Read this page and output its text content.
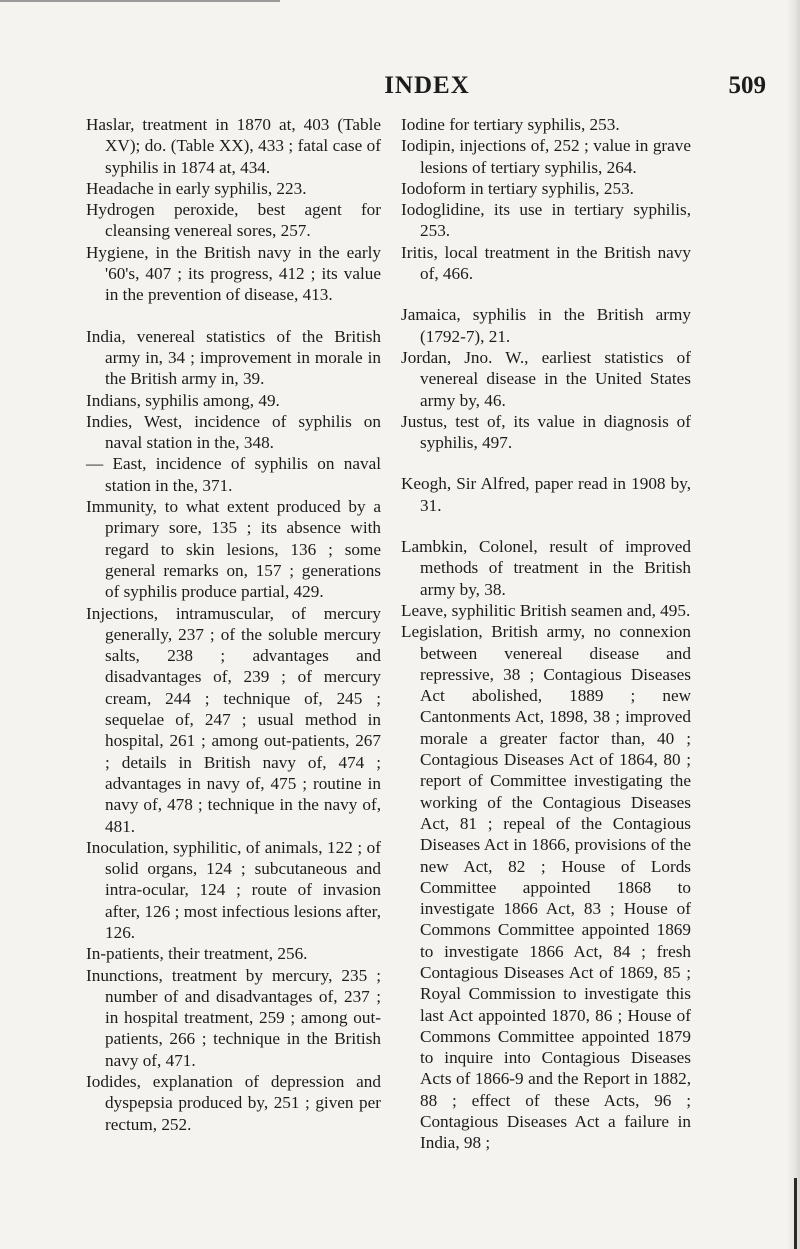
INDEX	509

Haslar, treatment in 1870 at, 403 (Table XV); do. (Table XX), 433 ; fatal case of syphilis in 1874 at, 434.

Headache in early syphilis, 223.

Hydrogen peroxide, best agent for cleansing venereal sores, 257.

Hygiene, in the British navy in the early '60's, 407 ; its progress, 412 ; its value in the prevention of disease, 413.

India, venereal statistics of the British army in, 34 ; improvement in morale in the British army in, 39.

Indians, syphilis among, 49.

Indies, West, incidence of syphilis on naval station in the, 348.

— East, incidence of syphilis on naval station in the, 371.

Immunity, to what extent produced by a primary sore, 135 ; its absence with regard to skin lesions, 136 ; some general remarks on, 157 ; generations of syphilis produce partial, 429.

Injections, intramuscular, of mercury generally, 237 ; of the soluble mercury salts, 238 ; advantages and disadvantages of, 239 ; of mercury cream, 244 ; technique of, 245 ; sequelae of, 247 ; usual method in hospital, 261 ; among out-patients, 267 ; details in British navy of, 474 ; advantages in navy of, 475 ; routine in navy of, 478 ; technique in the navy of, 481.

Inoculation, syphilitic, of animals, 122 ; of solid organs, 124 ; subcutaneous and intra-ocular, 124 ; route of invasion after, 126 ; most infectious lesions after, 126.

In-patients, their treatment, 256.

Inunctions, treatment by mercury, 235 ; number of and disadvantages of, 237 ; in hospital treatment, 259 ; among out-patients, 266 ; technique in the British navy of, 471.

Iodides, explanation of depression and dyspepsia produced by, 251 ; given per rectum, 252.

Iodine for tertiary syphilis, 253.

Iodipin, injections of, 252 ; value in grave lesions of tertiary syphilis, 264.

Iodoform in tertiary syphilis, 253.

Iodoglidine, its use in tertiary syphilis, 253.

Iritis, local treatment in the British navy of, 466.

Jamaica, syphilis in the British army (1792-7), 21.

Jordan, Jno. W., earliest statistics of venereal disease in the United States army by, 46.

Justus, test of, its value in diagnosis of syphilis, 497.

Keogh, Sir Alfred, paper read in 1908 by, 31.

Lambkin, Colonel, result of improved methods of treatment in the British army by, 38.

Leave, syphilitic British seamen and, 495.

Legislation, British army, no connexion between venereal disease and repressive, 38 ; Contagious Diseases Act abolished, 1889 ; new Cantonments Act, 1898, 38 ; improved morale a greater factor than, 40 ; Contagious Diseases Act of 1864, 80 ; report of Committee investigating the working of the Contagious Diseases Act, 81 ; repeal of the Contagious Diseases Act in 1866, provisions of the new Act, 82 ; House of Lords Committee appointed 1868 to investigate 1866 Act, 83 ; House of Commons Committee appointed 1869 to investigate 1866 Act, 84 ; fresh Contagious Diseases Act of 1869, 85 ; Royal Commission to investigate this last Act appointed 1870, 86 ; House of Commons Committee appointed 1879 to inquire into Contagious Diseases Acts of 1866-9 and the Report in 1882, 88 ; effect of these Acts, 96 ; Contagious Diseases Act a failure in India, 98 ;
